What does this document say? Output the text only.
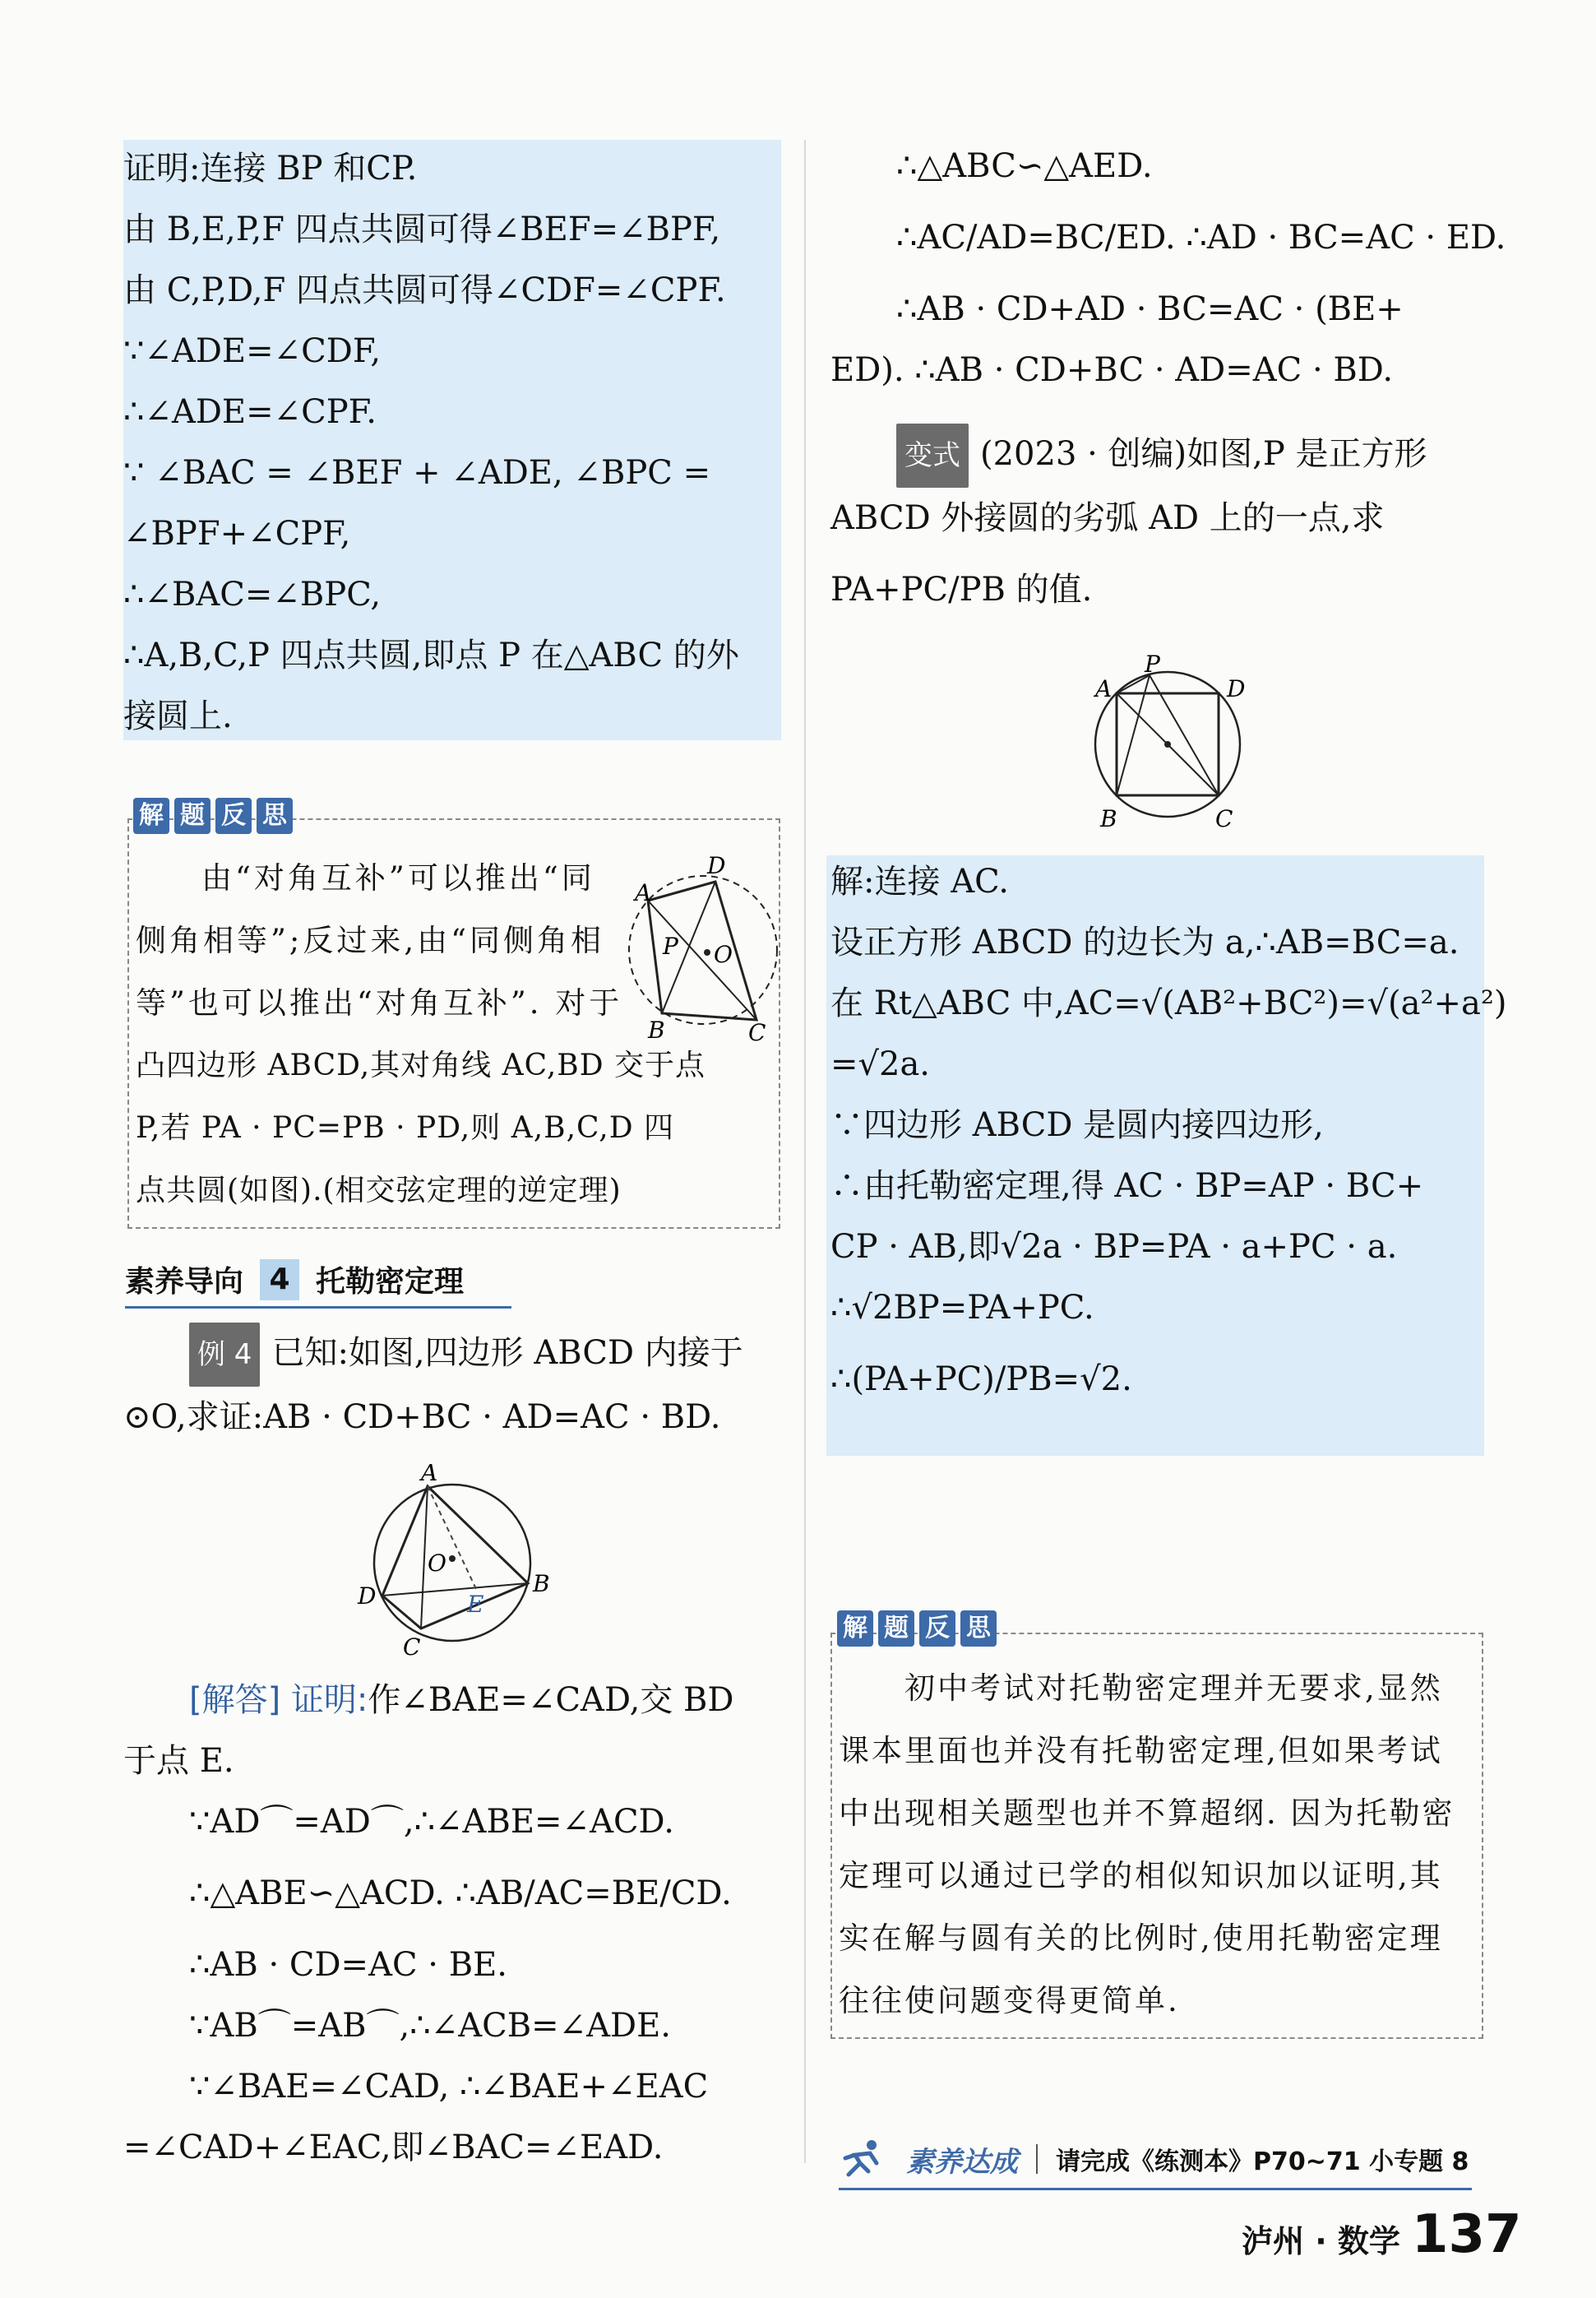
证明:连接 BP 和CP.
由 B,E,P,F 四点共圆可得∠BEF=∠BPF,
由 C,P,D,F 四点共圆可得∠CDF=∠CPF.
∵∠ADE=∠CDF,
∴∠ADE=∠CPF.
∵ ∠BAC = ∠BEF + ∠ADE, ∠BPC =
∠BPF+∠CPF,
∴∠BAC=∠BPC,
∴A,B,C,P 四点共圆,即点 P 在△ABC 的外
接圆上.
解 题 反 思
由“对角互补”可以推出“同
侧角相等”;反过来,由“同侧角相
等”也可以推出“对角互补”. 对于
凸四边形 ABCD,其对角线 AC,BD 交于点
P,若 PA · PC=PB · PD,则 A,B,C,D 四
点共圆(如图).(相交弦定理的逆定理)
A
D
P O
B	C
素养导向 4 托勒密定理
例 4 已知:如图,四边形 ABCD 内接于
⊙O,求证:AB · CD+BC · AD=AC · BD.
A
O
D	E
B
C
[解答] 证明:作∠BAE=∠CAD,交 BD
于点 E.
∵AD⌒=AD⌒,∴∠ABE=∠ACD.
∴△ABE∽△ACD. ∴AB/AC=BE/CD.
∴AB · CD=AC · BE.
∵AB⌒=AB⌒,∴∠ACB=∠ADE.
∵∠BAE=∠CAD, ∴∠BAE+∠EAC
=∠CAD+∠EAC,即∠BAC=∠EAD.
∴△ABC∽△AED.
∴AC/AD=BC/ED. ∴AD · BC=AC · ED.
∴AB · CD+AD · BC=AC · (BE+
ED). ∴AB · CD+BC · AD=AC · BD.
变式 (2023 · 创编)如图,P 是正方形
ABCD 外接圆的劣弧 AD 上的一点,求
PA+PC/PB 的值.
A
P
D
B	C
解:连接 AC.
设正方形 ABCD 的边长为 a,∴AB=BC=a.
在 Rt△ABC 中,AC=√(AB²+BC²)=√(a²+a²)
=√2a.
∵四边形 ABCD 是圆内接四边形,
∴由托勒密定理,得 AC · BP=AP · BC+
CP · AB,即√2a · BP=PA · a+PC · a.
∴√2BP=PA+PC.
∴(PA+PC)/PB=√2.
解 题 反 思
初中考试对托勒密定理并无要求,显然
课本里面也并没有托勒密定理,但如果考试
中出现相关题型也并不算超纲. 因为托勒密
定理可以通过已学的相似知识加以证明,其
实在解与圆有关的比例时,使用托勒密定理
往往使问题变得更简单.
素养达成 请完成《练测本》P70~71 小专题 8
泸州 · 数学 137
